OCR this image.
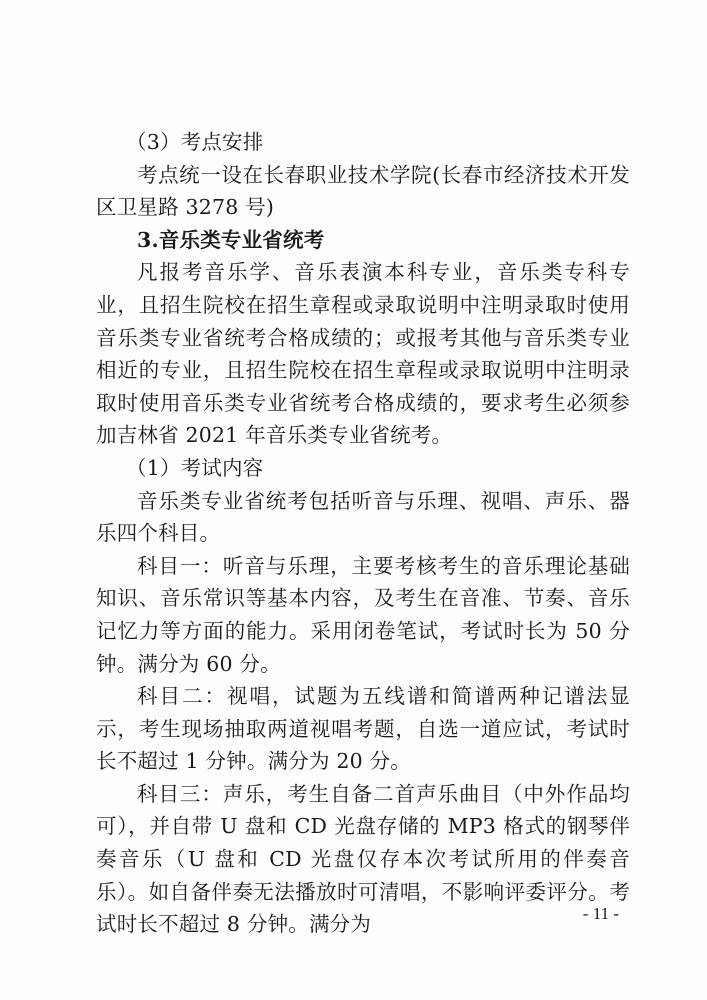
（3）考点安排

考点统一设在长春职业技术学院(长春市经济技术开发区卫星路 3278 号)

3.音乐类专业省统考

凡报考音乐学、音乐表演本科专业，音乐类专科专业，且招生院校在招生章程或录取说明中注明录取时使用音乐类专业省统考合格成绩的；或报考其他与音乐类专业相近的专业，且招生院校在招生章程或录取说明中注明录取时使用音乐类专业省统考合格成绩的，要求考生必须参加吉林省 2021 年音乐类专业省统考。

（1）考试内容

音乐类专业省统考包括听音与乐理、视唱、声乐、器乐四个科目。

科目一：听音与乐理，主要考核考生的音乐理论基础知识、音乐常识等基本内容，及考生在音准、节奏、音乐记忆力等方面的能力。采用闭卷笔试，考试时长为 50 分钟。满分为 60 分。

科目二：视唱，试题为五线谱和简谱两种记谱法显示，考生现场抽取两道视唱考题，自选一道应试，考试时长不超过 1 分钟。满分为 20 分。

科目三：声乐，考生自备二首声乐曲目（中外作品均可），并自带 U 盘和 CD 光盘存储的 MP3 格式的钢琴伴奏音乐（U 盘和 CD 光盘仅存本次考试所用的伴奏音乐）。如自备伴奏无法播放时可清唱，不影响评委评分。考试时长不超过 8 分钟。满分为	- 11 -
